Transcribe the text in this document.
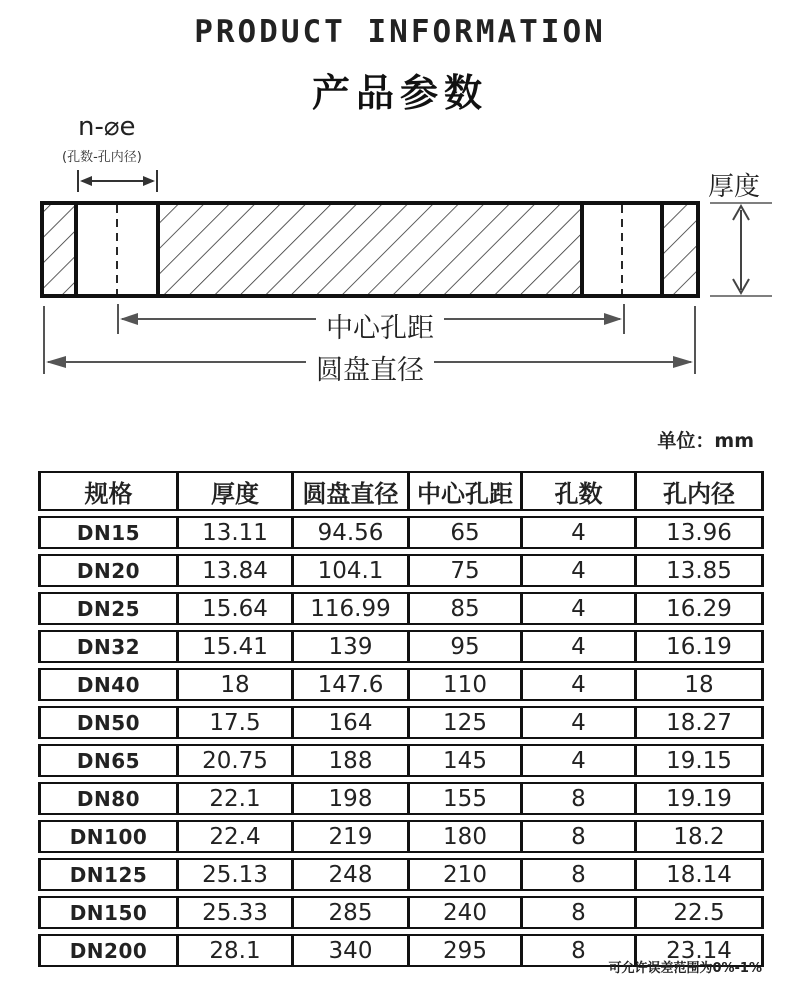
PRODUCT INFORMATION
产品参数
n-⌀e
(孔数-孔内径)
厚度
中心孔距
圆盘直径
单位：mm
规格	厚度	圆盘直径	中心孔距	孔数	孔内径
DN15	13.11	94.56	65	4	13.96
DN20	13.84	104.1	75	4	13.85
DN25	15.64	116.99	85	4	16.29
DN32	15.41	139	95	4	16.19
DN40	18	147.6	110	4	18
DN50	17.5	164	125	4	18.27
DN65	20.75	188	145	4	19.15
DN80	22.1	198	155	8	19.19
DN100	22.4	219	180	8	18.2
DN125	25.13	248	210	8	18.14
DN150	25.33	285	240	8	22.5
DN200	28.1	340	295	8	23.14
可允许误差范围为0%-1%
